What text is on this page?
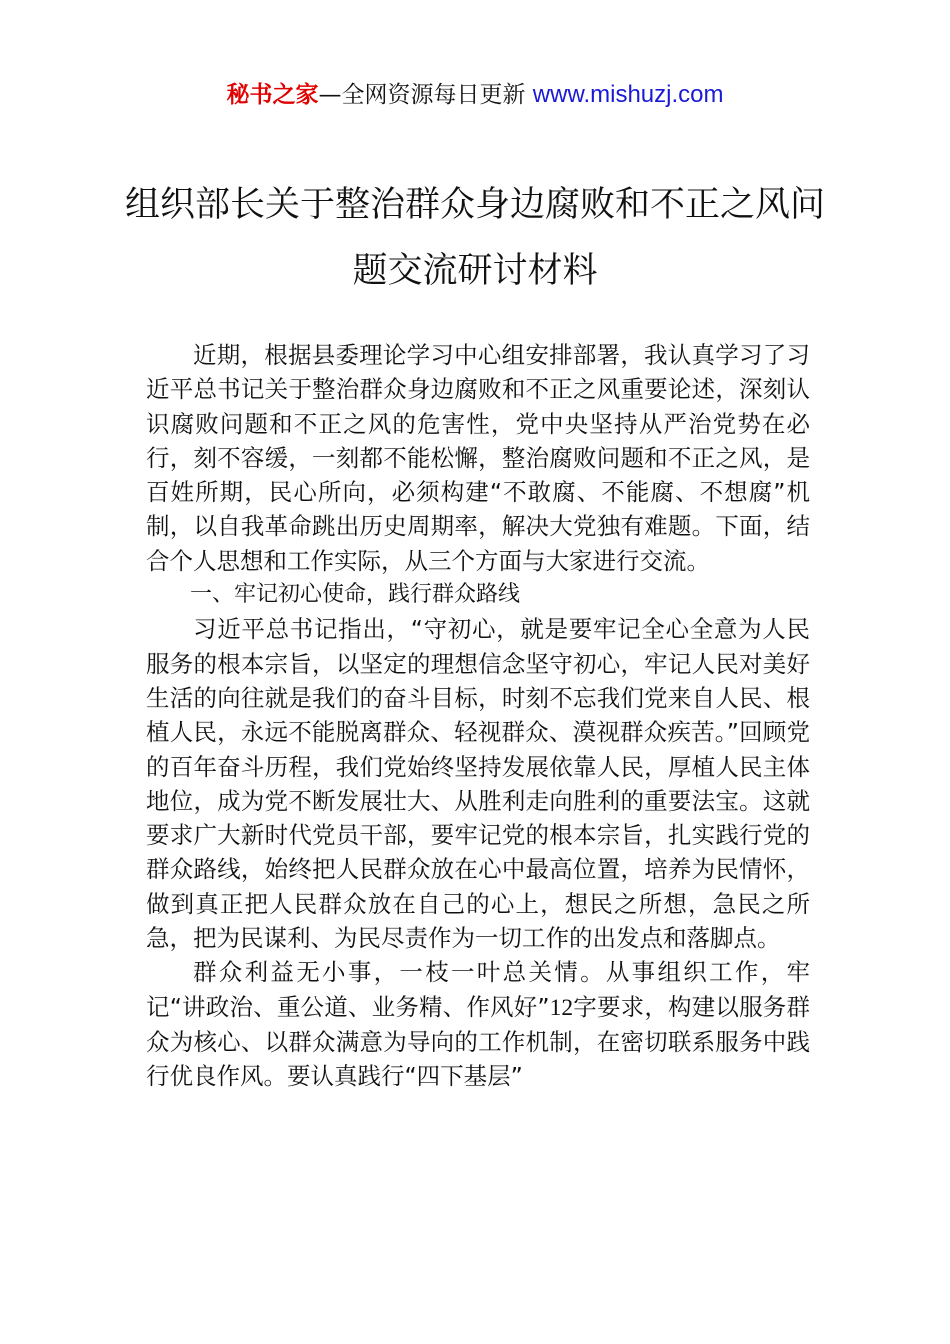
秘书之家—全网资源每日更新 www.mishuzj.com
组织部长关于整治群众身边腐败和不正之风问题交流研讨材料

近期，根据县委理论学习中心组安排部署，我认真学习了习近平总书记关于整治群众身边腐败和不正之风重要论述，深刻认识腐败问题和不正之风的危害性，党中央坚持从严治党势在必行，刻不容缓，一刻都不能松懈，整治腐败问题和不正之风，是百姓所期，民心所向，必须构建“不敢腐、不能腐、不想腐”机制，以自我革命跳出历史周期率，解决大党独有难题。下面，结合个人思想和工作实际，从三个方面与大家进行交流。

一、牢记初心使命，践行群众路线

习近平总书记指出，“守初心，就是要牢记全心全意为人民服务的根本宗旨，以坚定的理想信念坚守初心，牢记人民对美好生活的向往就是我们的奋斗目标，时刻不忘我们党来自人民、根植人民，永远不能脱离群众、轻视群众、漠视群众疾苦。”回顾党的百年奋斗历程，我们党始终坚持发展依靠人民，厚植人民主体地位，成为党不断发展壮大、从胜利走向胜利的重要法宝。这就要求广大新时代党员干部，要牢记党的根本宗旨，扎实践行党的群众路线，始终把人民群众放在心中最高位置，培养为民情怀，做到真正把人民群众放在自己的心上，想民之所想，急民之所急，把为民谋利、为民尽责作为一切工作的出发点和落脚点。

群众利益无小事，一枝一叶总关情。从事组织工作，牢记“讲政治、重公道、业务精、作风好”12字要求，构建以服务群众为核心、以群众满意为导向的工作机制，在密切联系服务中践行优良作风。要认真践行“四下基层”
